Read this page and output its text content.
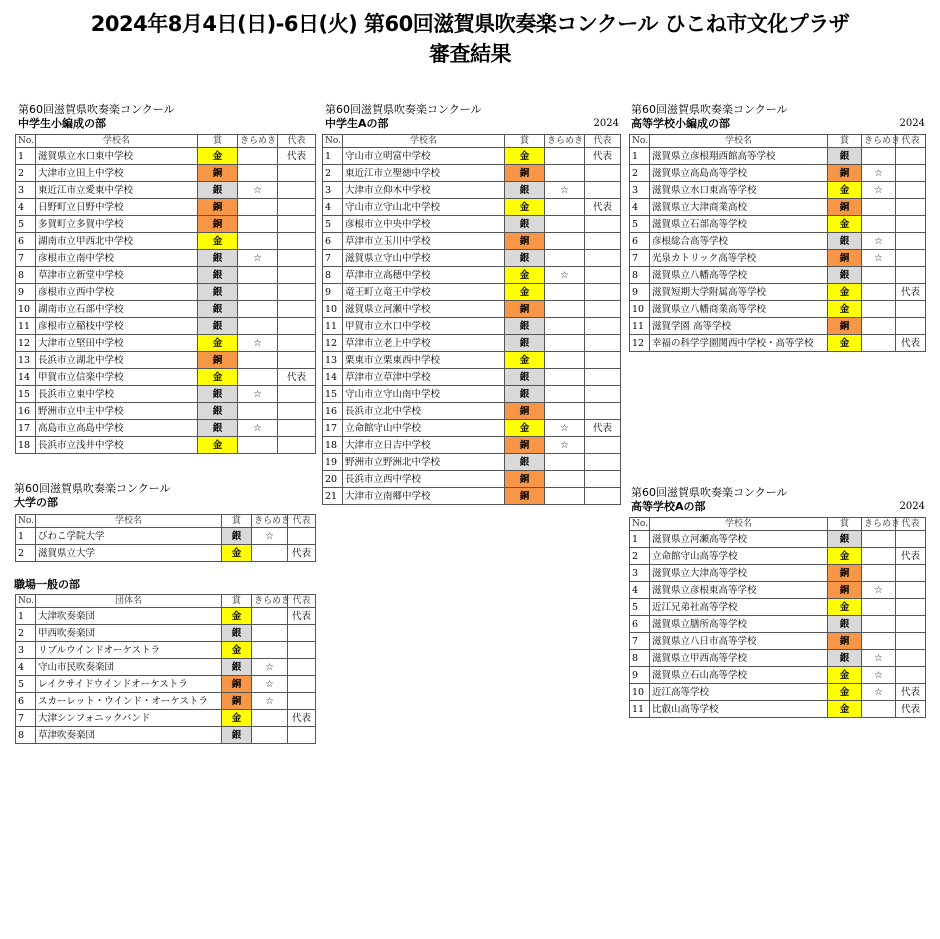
2024年8月4日(日)-6日(火) 第60回滋賀県吹奏楽コンクール ひこね市文化プラザ
審査結果
第60回滋賀県吹奏楽コンクール
中学生小編成の部
第60回滋賀県吹奏楽コンクール
中学生Aの部	2024
第60回滋賀県吹奏楽コンクール
高等学校小編成の部	2024
第60回滋賀県吹奏楽コンクール
大学の部
職場一般の部
第60回滋賀県吹奏楽コンクール
高等学校Aの部	2024
No.	学校名	賞	きらめき	代表
1	滋賀県立水口東中学校	金		代表
2	大津市立田上中学校	銅		
3	東近江市立愛東中学校	銀	☆	
4	日野町立日野中学校	銅		
5	多賀町立多賀中学校	銅		
6	湖南市立甲西北中学校	金		
7	彦根市立南中学校	銀	☆	
8	草津市立新堂中学校	銀		
9	彦根市立西中学校	銀		
10	湖南市立石部中学校	銀		
11	彦根市立稲枝中学校	銀		
12	大津市立堅田中学校	金	☆	
13	長浜市立湖北中学校	銅		
14	甲賀市立信楽中学校	金		代表
15	長浜市立東中学校	銀	☆	
16	野洲市立中主中学校	銀		
17	高島市立高島中学校	銀	☆	
18	長浜市立浅井中学校	金		
No.	学校名	賞	きらめき	代表
1	守山市立明富中学校	金		代表
2	東近江市立聖徳中学校	銅		
3	大津市立仰木中学校	銀	☆	
4	守山市立守山北中学校	金		代表
5	彦根市立中央中学校	銀		
6	草津市立玉川中学校	銅		
7	滋賀県立守山中学校	銀		
8	草津市立高穂中学校	金	☆	
9	竜王町立竜王中学校	金		
10	滋賀県立河瀬中学校	銅		
11	甲賀市立水口中学校	銀		
12	草津市立老上中学校	銀		
13	栗東市立栗東西中学校	金		
14	草津市立草津中学校	銀		
15	守山市立守山南中学校	銀		
16	長浜市立北中学校	銅		
17	立命館守山中学校	金	☆	代表
18	大津市立日吉中学校	銅	☆	
19	野洲市立野洲北中学校	銀		
20	長浜市立西中学校	銅		
21	大津市立南郷中学校	銅		
No.	学校名	賞	きらめき	代表
1	滋賀県立彦根翔西館高等学校	銀		
2	滋賀県立高島高等学校	銅	☆	
3	滋賀県立水口東高等学校	金	☆	
4	滋賀県立大津商業高校	銅		
5	滋賀県立石部高等学校	金		
6	彦根総合高等学校	銀	☆	
7	光泉カトリック高等学校	銅	☆	
8	滋賀県立八幡高等学校	銀		
9	滋賀短期大学附属高等学校	金		代表
10	滋賀県立八幡商業高等学校	金		
11	滋賀学園 高等学校	銅		
12	幸福の科学学園関西中学校・高等学校	金		代表
No.	学校名	賞	きらめき	代表
1	びわこ学院大学	銀	☆	
2	滋賀県立大学	金		代表
No.	団体名	賞	きらめき	代表
1	大津吹奏楽団	金		代表
2	甲西吹奏楽団	銀		
3	リブルウインドオーケストラ	金		
4	守山市民吹奏楽団	銀	☆	
5	レイクサイドウインドオーケストラ	銅	☆	
6	スカーレット・ウインド・オーケストラ	銅	☆	
7	大津シンフォニックバンド	金		代表
8	草津吹奏楽団	銀		
No.	学校名	賞	きらめき	代表
1	滋賀県立河瀬高等学校	銀		
2	立命館守山高等学校	金		代表
3	滋賀県立大津高等学校	銅		
4	滋賀県立彦根東高等学校	銅	☆	
5	近江兄弟社高等学校	金		
6	滋賀県立膳所高等学校	銀		
7	滋賀県立八日市高等学校	銅		
8	滋賀県立甲西高等学校	銀	☆	
9	滋賀県立石山高等学校	金	☆	
10	近江高等学校	金	☆	代表
11	比叡山高等学校	金		代表
